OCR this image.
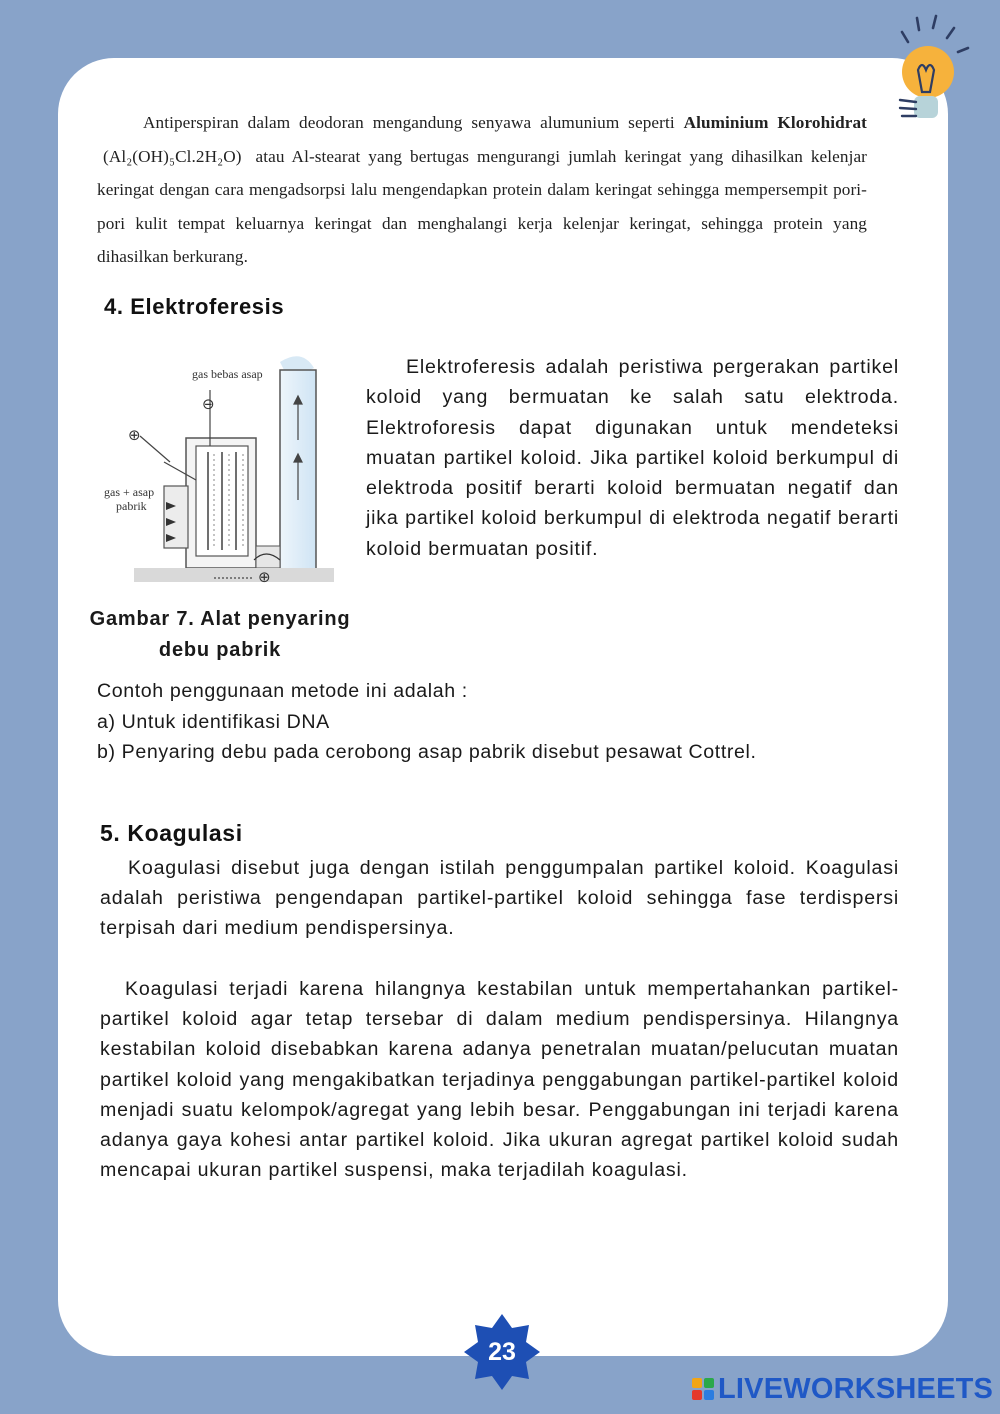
Antiperspiran dalam deodoran mengandung senyawa alumunium seperti Aluminium Klorohidrat (Al₂(OH)₅Cl.2H₂O) atau Al-stearat yang bertugas mengurangi jumlah keringat yang dihasilkan kelenjar keringat dengan cara mengadsorpsi lalu mengendapkan protein dalam keringat sehingga mempersempit pori-pori kulit tempat keluarnya keringat dan menghalangi kerja kelenjar keringat, sehingga protein yang dihasilkan berkurang.
4. Elektroferesis
gas bebas asap
gas + asap
pabrik
⊖
⊕
⊕

Elektroferesis adalah peristiwa pergerakan partikel koloid yang bermuatan ke salah satu elektroda. Elektroforesis dapat digunakan untuk mendeteksi muatan partikel koloid. Jika partikel koloid berkumpul di elektroda positif berarti koloid bermuatan negatif dan jika partikel koloid berkumpul di elektroda negatif berarti koloid bermuatan positif.

Gambar 7. Alat penyaring
debu pabrik
Contoh penggunaan metode ini adalah :
a) Untuk identifikasi DNA
b) Penyaring debu pada cerobong asap pabrik disebut pesawat Cottrel.
5. Koagulasi

Koagulasi disebut juga dengan istilah penggumpalan partikel koloid. Koagulasi adalah peristiwa pengendapan partikel-partikel koloid sehingga fase terdispersi terpisah dari medium pendispersinya.

Koagulasi terjadi karena hilangnya kestabilan untuk mempertahankan partikel-partikel koloid agar tetap tersebar di dalam medium pendispersinya. Hilangnya kestabilan koloid disebabkan karena adanya penetralan muatan/pelucutan muatan partikel koloid yang mengakibatkan terjadinya penggabungan partikel-partikel koloid menjadi suatu kelompok/agregat yang lebih besar. Penggabungan ini terjadi karena adanya gaya kohesi antar partikel koloid. Jika ukuran agregat partikel koloid sudah mencapai ukuran partikel suspensi, maka terjadilah koagulasi.

23
LIVEWORKSHEETS
